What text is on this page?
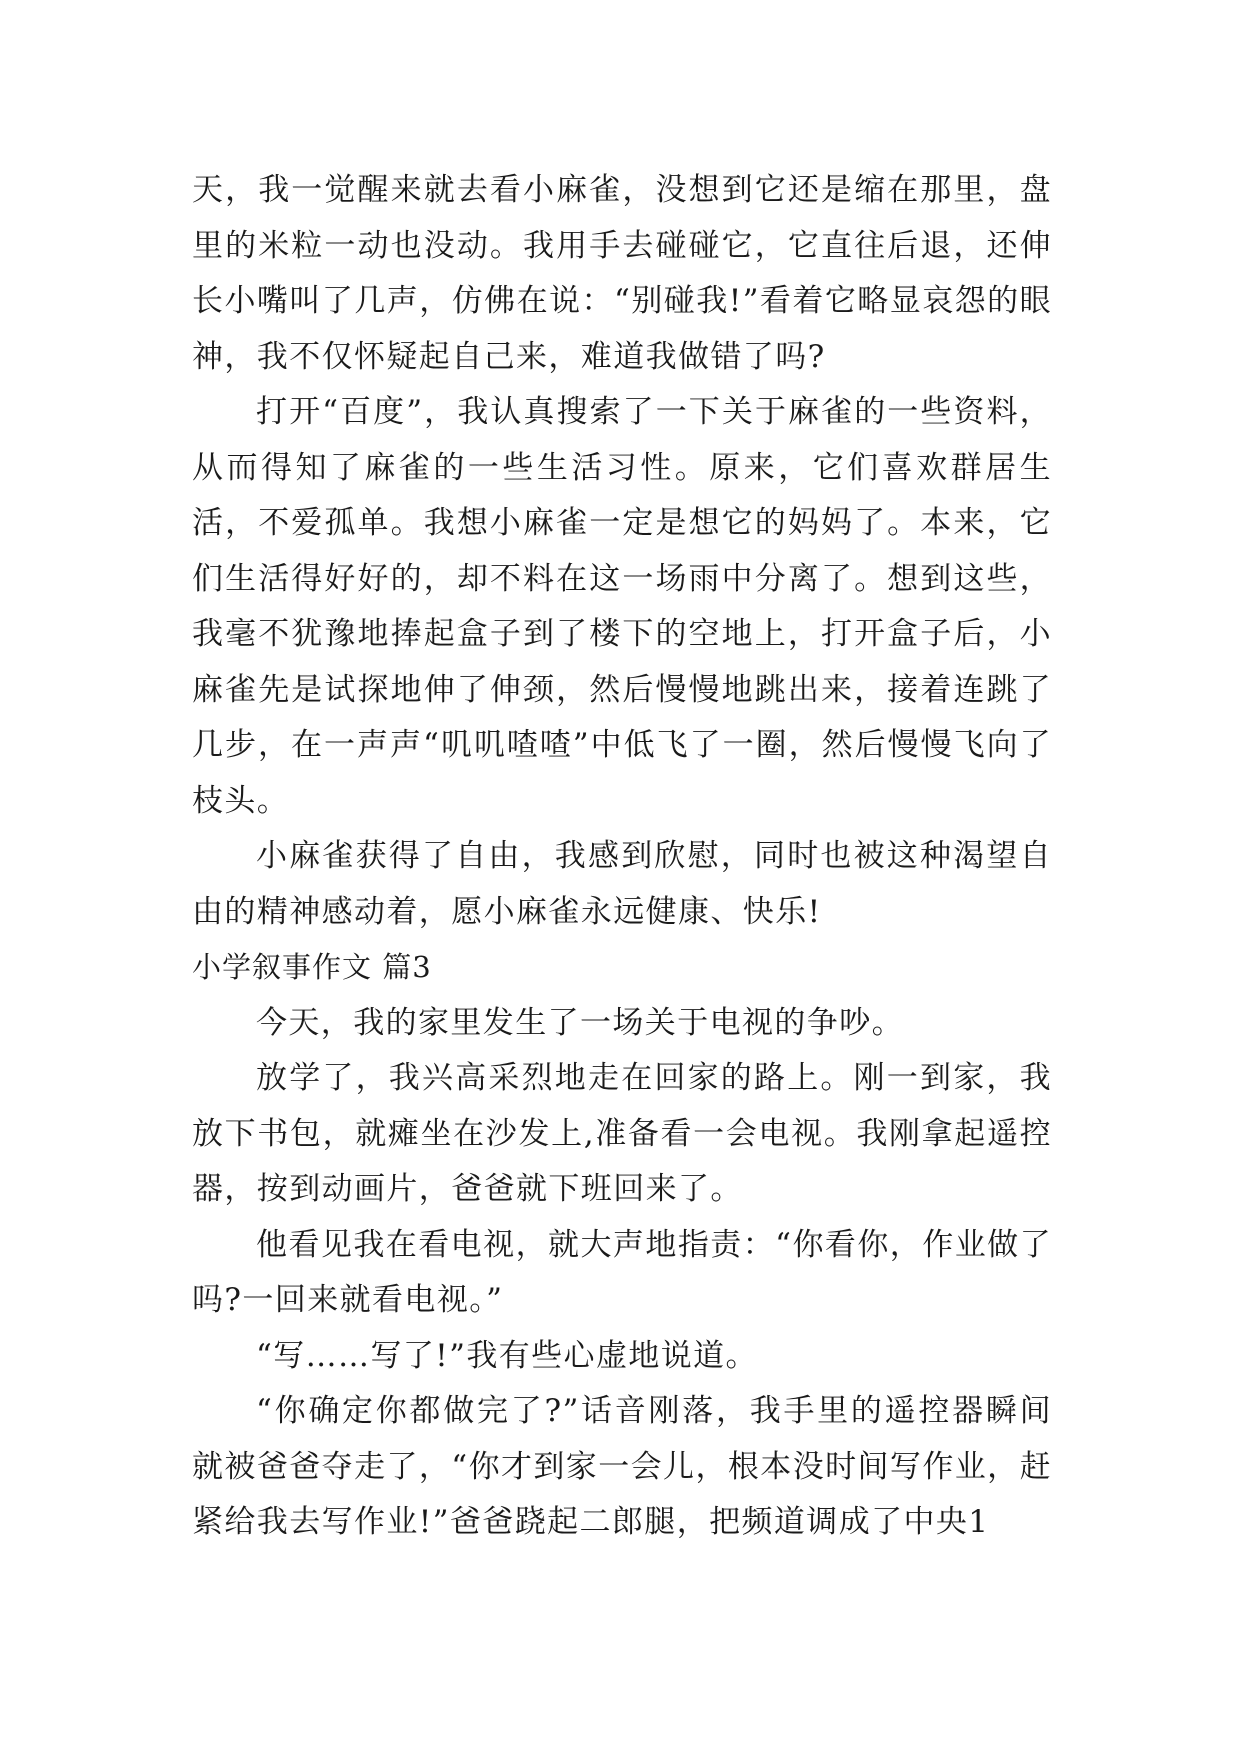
天，我一觉醒来就去看小麻雀，没想到它还是缩在那里，盘里的米粒一动也没动。我用手去碰碰它，它直往后退，还伸长小嘴叫了几声，仿佛在说：“别碰我!”看着它略显哀怨的眼神，我不仅怀疑起自己来，难道我做错了吗?

打开“百度”，我认真搜索了一下关于麻雀的一些资料，从而得知了麻雀的一些生活习性。原来，它们喜欢群居生活，不爱孤单。我想小麻雀一定是想它的妈妈了。本来，它们生活得好好的，却不料在这一场雨中分离了。想到这些，我毫不犹豫地捧起盒子到了楼下的空地上，打开盒子后，小麻雀先是试探地伸了伸颈，然后慢慢地跳出来，接着连跳了几步，在一声声“叽叽喳喳”中低飞了一圈，然后慢慢飞向了枝头。

小麻雀获得了自由，我感到欣慰，同时也被这种渴望自由的精神感动着，愿小麻雀永远健康、快乐!

小学叙事作文 篇3

今天，我的家里发生了一场关于电视的争吵。

放学了，我兴高采烈地走在回家的路上。刚一到家，我放下书包，就瘫坐在沙发上,准备看一会电视。我刚拿起遥控器，按到动画片，爸爸就下班回来了。

他看见我在看电视，就大声地指责：“你看你，作业做了吗?一回来就看电视。”

“写……写了!”我有些心虚地说道。

“你确定你都做完了?”话音刚落，我手里的遥控器瞬间就被爸爸夺走了，“你才到家一会儿，根本没时间写作业，赶紧给我去写作业!”爸爸跷起二郎腿，把频道调成了中央1
